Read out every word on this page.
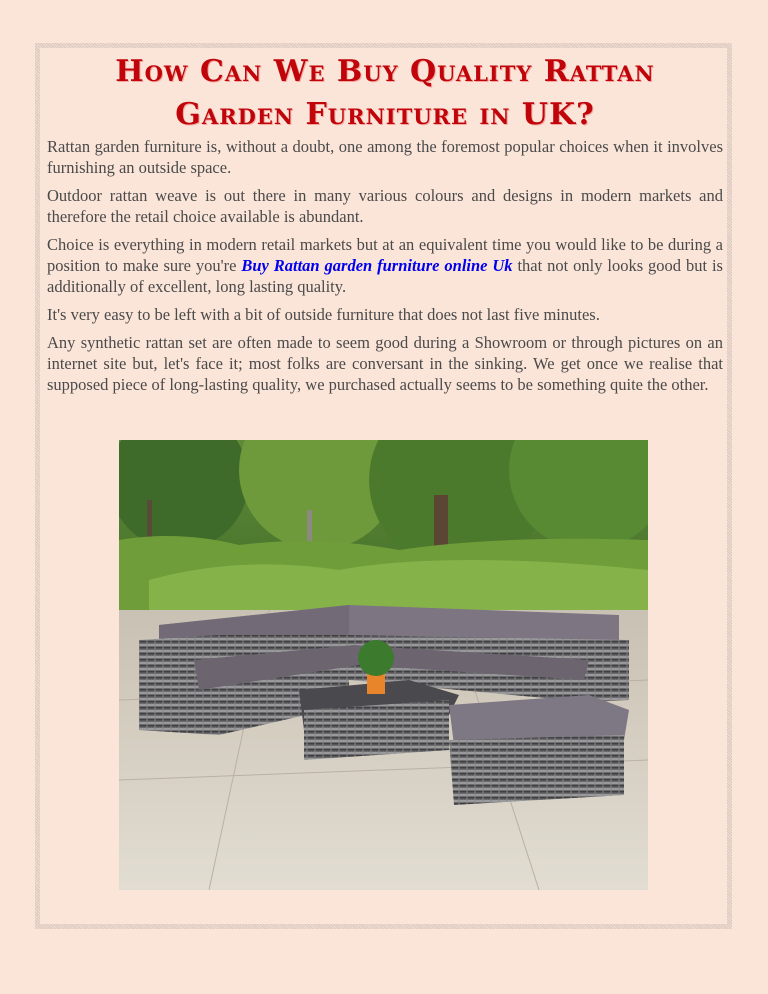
How Can We Buy Quality Rattan
Garden Furniture in UK?

Rattan garden furniture is, without a doubt, one among the foremost popular choices when it involves furnishing an outside space.

Outdoor rattan weave is out there in many various colours and designs in modern markets and therefore the retail choice available is abundant.

Choice is everything in modern retail markets but at an equivalent time you would like to be during a position to make sure you're Buy Rattan garden furniture online Uk that not only looks good but is additionally of excellent, long lasting quality.

It's very easy to be left with a bit of outside furniture that does not last five minutes.

Any synthetic rattan set are often made to seem good during a Showroom or through pictures on an internet site but, let's face it; most folks are conversant in the sinking. We get once we realise that supposed piece of long-lasting quality, we purchased actually seems to be something quite the other.
